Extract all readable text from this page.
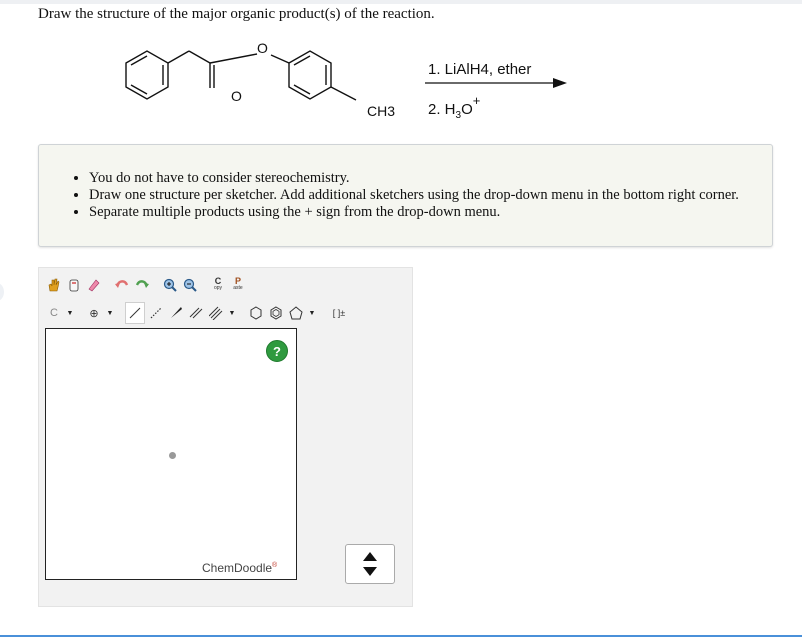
Draw the structure of the major organic product(s) of the reaction.
O
O
CH3
1. LiAlH4, ether
2. $H_3O^+$
• You do not have to consider stereochemistry.
• Draw one structure per sketcher. Add additional sketchers using the drop-down menu in the bottom right corner.
• Separate multiple products using the + sign from the drop-down menu.
C
opy
P
aste
C	▼	⊕	▼	▼	▼	[ ]±
?
ChemDoodle®
